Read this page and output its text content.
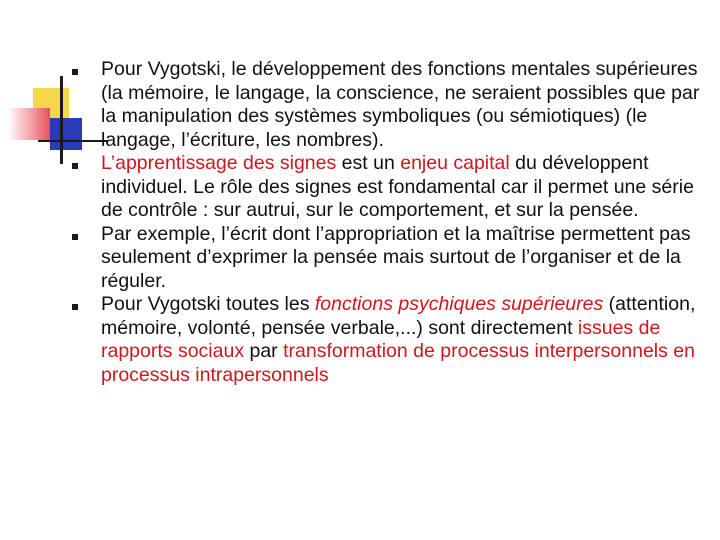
Pour Vygotski, le développement des fonctions mentales supérieures (la mémoire, le langage, la conscience, ne seraient possibles que par la manipulation des systèmes symboliques (ou sémiotiques) (le langage, l’écriture, les nombres).
L’apprentissage des signes est un enjeu capital du développent individuel. Le rôle des signes est fondamental car il permet une série de contrôle : sur autrui, sur le comportement, et sur la pensée.
Par exemple, l’écrit dont l’appropriation et la maîtrise permettent pas seulement d’exprimer la pensée mais surtout de l’organiser et de la réguler.
Pour Vygotski toutes les fonctions psychiques supérieures (attention, mémoire, volonté, pensée verbale,...) sont directement issues de rapports sociaux par transformation de processus interpersonnels en processus intrapersonnels
